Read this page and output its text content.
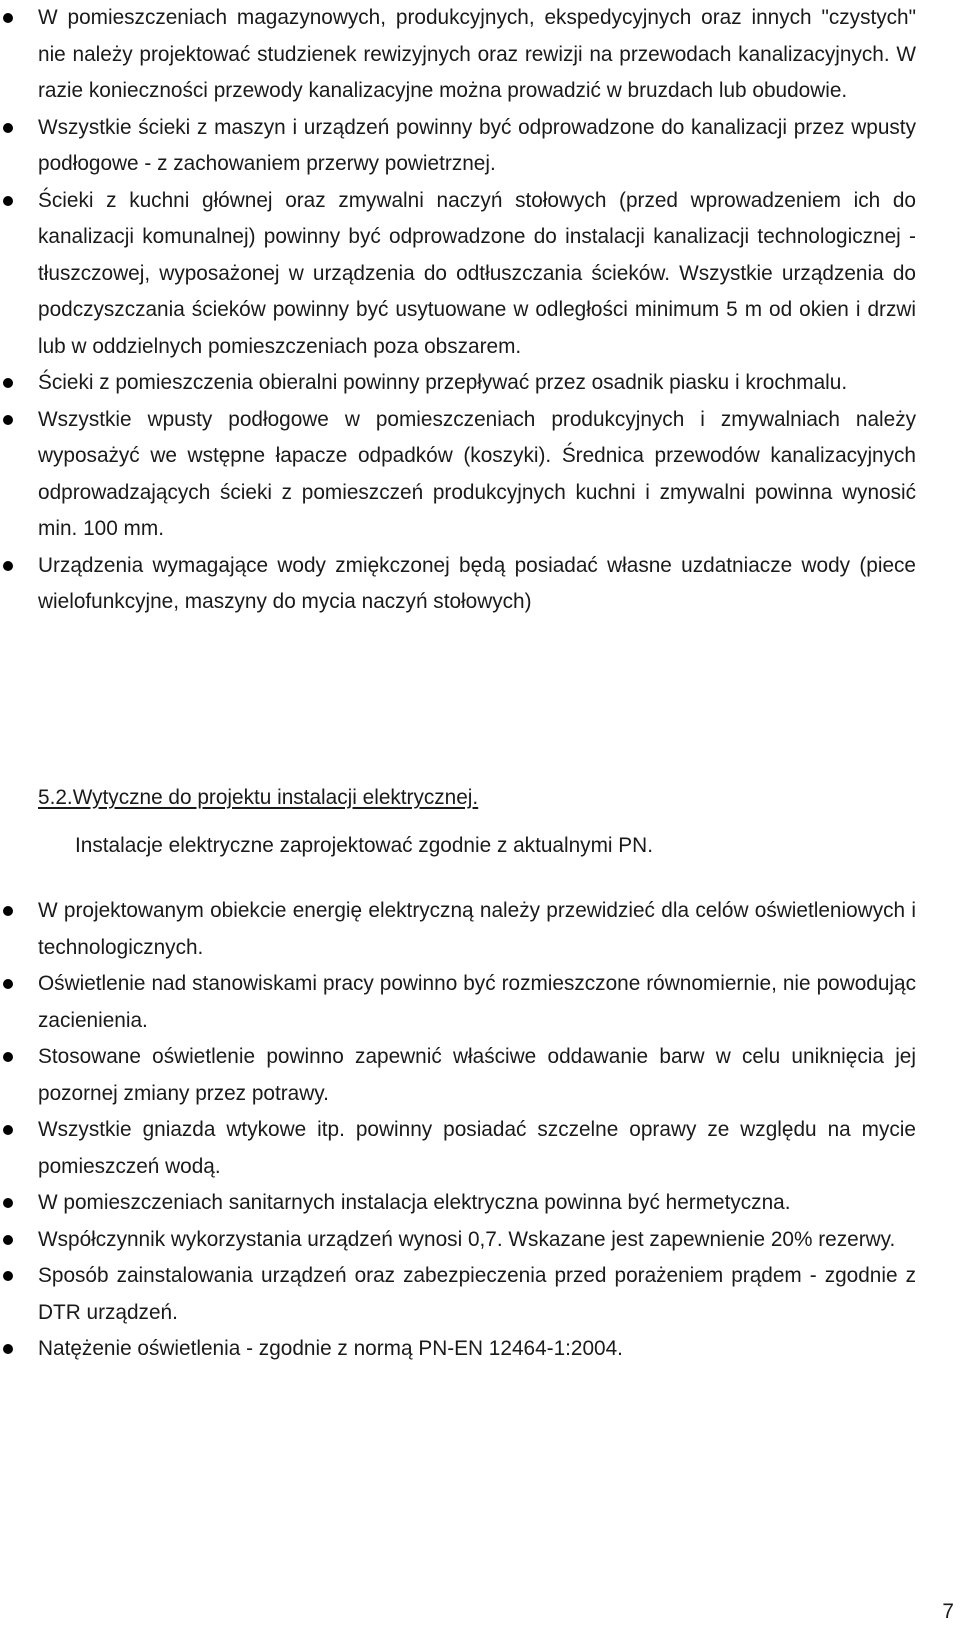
W pomieszczeniach magazynowych, produkcyjnych, ekspedycyjnych oraz innych "czystych" nie należy projektować studzienek rewizyjnych oraz rewizji na przewodach kanalizacyjnych. W razie konieczności przewody kanalizacyjne można prowadzić w bruzdach lub obudowie.
Wszystkie ścieki z maszyn i urządzeń powinny być odprowadzone do kanalizacji przez wpusty podłogowe - z zachowaniem przerwy powietrznej.
Ścieki z kuchni głównej oraz zmywalni naczyń stołowych (przed wprowadzeniem ich do kanalizacji komunalnej) powinny być odprowadzone do instalacji kanalizacji technologicznej - tłuszczowej, wyposażonej w urządzenia do odtłuszczania ścieków. Wszystkie urządzenia do podczyszczania ścieków powinny być usytuowane w odległości minimum 5 m od okien i drzwi lub w oddzielnych pomieszczeniach poza obszarem.
Ścieki z pomieszczenia obieralni powinny przepływać przez osadnik piasku i krochmalu.
Wszystkie wpusty podłogowe w pomieszczeniach produkcyjnych i zmywalniach należy wyposażyć we wstępne łapacze odpadków (koszyki). Średnica przewodów kanalizacyjnych odprowadzających ścieki z pomieszczeń produkcyjnych kuchni i zmywalni powinna wynosić min. 100 mm.
Urządzenia wymagające wody zmiękczonej będą posiadać własne uzdatniacze wody (piece wielofunkcyjne, maszyny do mycia naczyń stołowych)
5.2.Wytyczne do projektu instalacji elektrycznej.
Instalacje elektryczne zaprojektować zgodnie z aktualnymi PN.
W projektowanym obiekcie energię elektryczną należy przewidzieć dla celów oświetleniowych i technologicznych.
Oświetlenie nad stanowiskami pracy powinno być rozmieszczone równomiernie, nie powodując zacienienia.
Stosowane oświetlenie powinno zapewnić właściwe oddawanie barw w celu uniknięcia jej pozornej zmiany przez potrawy.
Wszystkie gniazda wtykowe itp. powinny posiadać szczelne oprawy ze względu na mycie pomieszczeń wodą.
W pomieszczeniach sanitarnych instalacja elektryczna powinna być hermetyczna.
Współczynnik wykorzystania urządzeń wynosi 0,7. Wskazane jest zapewnienie 20% rezerwy.
Sposób zainstalowania urządzeń oraz zabezpieczenia przed porażeniem prądem - zgodnie z DTR urządzeń.
Natężenie oświetlenia - zgodnie z normą PN-EN 12464-1:2004.
7
